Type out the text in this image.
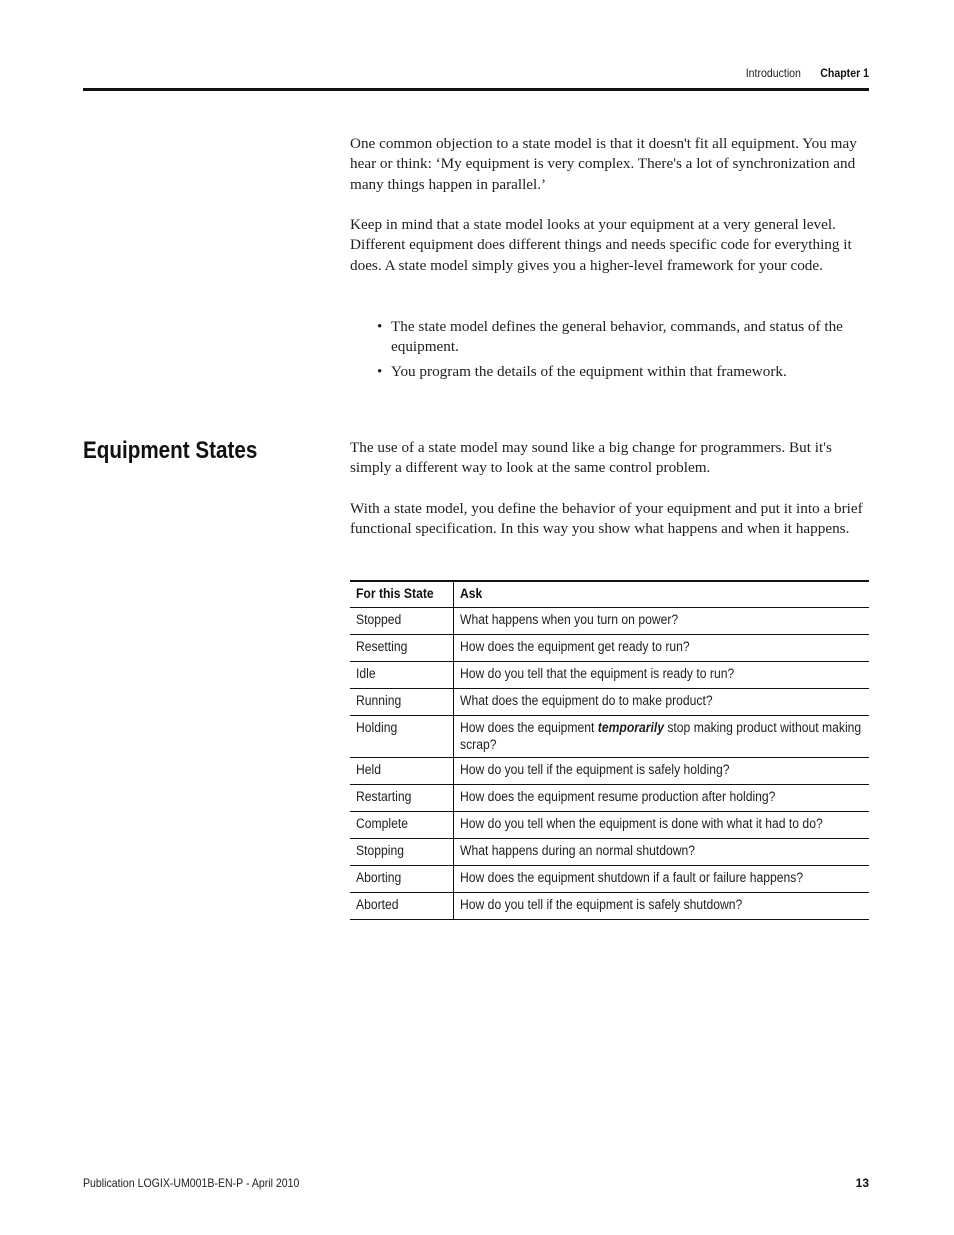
Introduction Chapter 1

One common objection to a state model is that it doesn't fit all equipment. You may hear or think: ‘My equipment is very complex. There's a lot of synchronization and many things happen in parallel.’

Keep in mind that a state model looks at your equipment at a very general level. Different equipment does different things and needs specific code for everything it does. A state model simply gives you a higher-level framework for your code.

• The state model defines the general behavior, commands, and status of the equipment.
• You program the details of the equipment within that framework.
Equipment States	The use of a state model may sound like a big change for programmers. But it's simply a different way to look at the same control problem.

With a state model, you define the behavior of your equipment and put it into a brief functional specification. In this way you show what happens and when it happens.

For this State	Ask
Stopped	What happens when you turn on power?
Resetting	How does the equipment get ready to run?
Idle	How do you tell that the equipment is ready to run?
Running	What does the equipment do to make product?
Holding	How does the equipment temporarily stop making product without making scrap?

Held	How do you tell if the equipment is safely holding?
Restarting	How does the equipment resume production after holding?
Complete	How do you tell when the equipment is done with what it had to do?
Stopping	What happens during an normal shutdown?
Aborting	How does the equipment shutdown if a fault or failure happens?
Aborted	How do you tell if the equipment is safely shutdown?
Publication LOGIX-UM001B-EN-P - April 2010	13
